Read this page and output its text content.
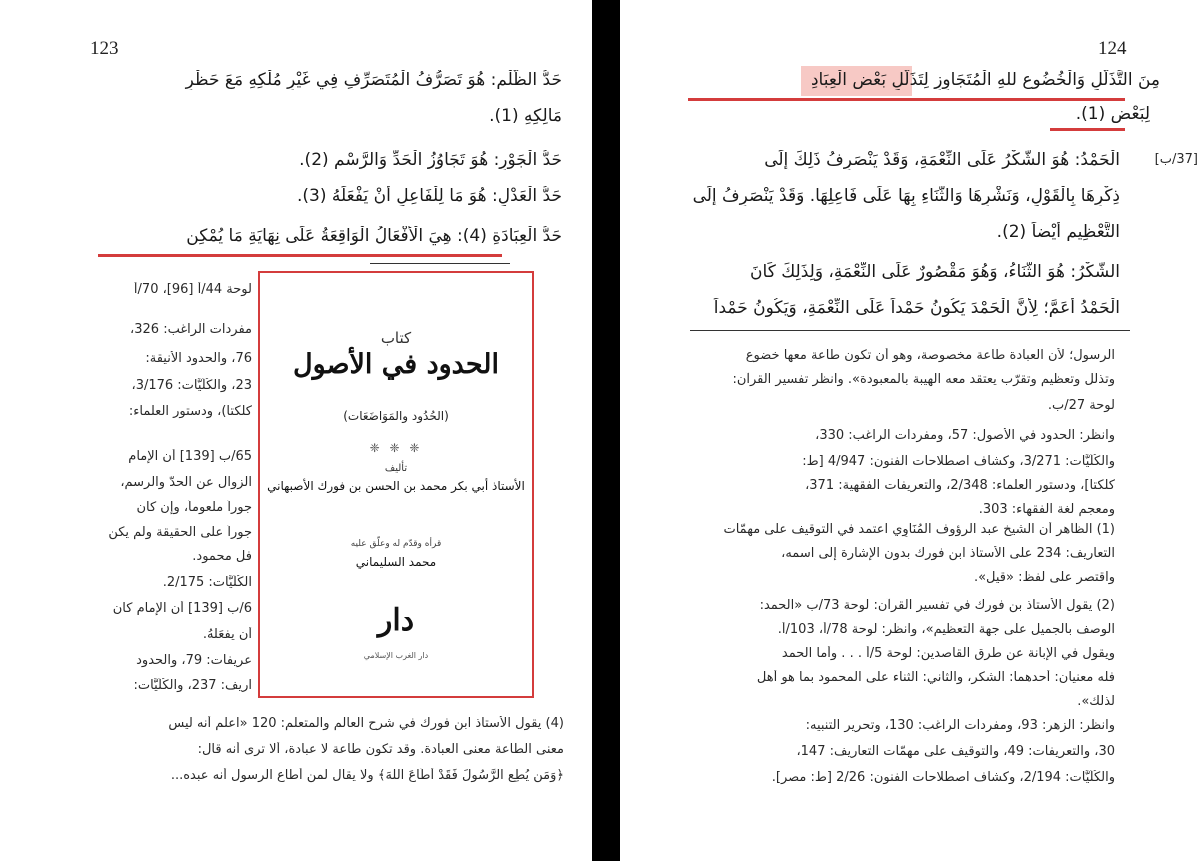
123
حَدُّ الظُّلْمِ: هُوَ تَصَرُّفُ الْمُتَصَرِّفِ فِي غَيْرِ مُلْكِهِ مَعَ حَظْرِ
مَالِكِهِ (1).
حَدُّ الْجَوْرِ: هُوَ تَجَاوُزُ الْحَدِّ وَالرَّسْمِ (2).
حَدُّ الْعَدْلِ: هُوَ مَا لِلْفَاعِلِ أَنْ يَفْعَلَهُ (3).
حَدُّ الْعِبَادَةِ (4): هِيَ الْأَفْعَالُ الْوَاقِعَةُ عَلَى نِهَايَةِ مَا يُمْكِن
لوحة 44/أ [96]، 70/أ
مفردات الراغب: 326،
76، والحدود الأنيقة:
23، والكُلِّيَّات: 3/176،
كلكتا)، ودستور العلماء:
65/ب [139] أن الإمام
الزوال عن الحدّ والرسم،
جوراً ملعوماً، وإن كان
جوراً على الحقيقة ولم يكن
فل محمود.
الكُلِّيَّات: 2/175.
6/ب [139] أن الإمام كان
أن يفعَلهُ.
عريفات: 79، والحدود
اريف: 237، والكُلِّيَّات:
(4) يقول الأستاذ ابن فورك في شرح العالم والمتعلم: 120 «اعلم أنه ليس
معنى الطاعة معنى العبادة. وقد تكون طاعة لا عبادة، ألا ترى أنه قال:
﴿وَمَن يُطِعِ الرَّسُولَ فَقَدْ أَطَاعَ اللَّهَ﴾ ولا يقال لمن أطاع الرسول أنه عبده...
كتاب
الحدود في الأصول
(الحُدُود والمَوَاضَعَات)
❈ ❈ ❈
تأليف
الأستاذ أبي بكر محمد بن الحسن بن فورك الأصبهاني
قرأه وقدّم له وعلّق عليه
محمد السليماني
دار
دار الغرب الإسلامي
124
مِنَ التَّذَلُّلِ وَالْخُضُوعِ للهِ الْمُتَجَاوِزِ لِتَذَلُّلِ بَعْضِ الْعِبَادِ
لِبَعْضٍ (1).
[37/ب]
الْحَمْدُ: هُوَ الشُّكْرُ عَلَى النِّعْمَةِ، وَقَدْ يَنْصَرِفُ ذَلِكَ إِلَى
ذِكْرِهَا بِالْقَوْلِ، وَنَشْرِهَا وَالثَّنَاءِ بِهَا عَلَى فَاعِلِهَا. وَقَدْ يَنْصَرِفُ إِلَى
التَّعْظِيمِ أَيْضاً (2).
الشُّكْرُ: هُوَ الثَّنَاءُ، وَهُوَ مَقْصُورٌ عَلَى النِّعْمَةِ، وَلِذَلِكَ كَانَ
الْحَمْدُ أَعَمَّ؛ لِأَنَّ الْحَمْدَ يَكُونُ حَمْداً عَلَى النِّعْمَةِ، وَيَكُونُ حَمْداً
الرسول؛ لأن العبادة طاعة مخصوصة، وهو أن تكون طاعة معها خضوع
وتذلل وتعظيم وتقرّب يعتقد معه الهيبة بالمعبودة». وانظر تفسير القرآن:
لوحة 27/ب.
وانظر: الحدود في الأصول: 57، ومفردات الراغب: 330،
والكُلِّيَّات: 3/271، وكشاف اصطلاحات الفنون: 4/947 [ط:
كلكتا]، ودستور العلماء: 2/348، والتعريفات الفقهية: 371،
ومعجم لغة الفقهاء: 303.
(1) الظاهر أن الشيخ عبد الرؤوف المُنَاوِي اعتمد في التوقيف على مهمّات
التعاريف: 234 على الأستاذ ابن فورك بدون الإشارة إلى اسمه،
واقتصر على لفظ: «قيل».
(2) يقول الأستاذ بن فورك في تفسير القرآن: لوحة 73/ب «الحمد:
الوصف بالجميل على جهة التعظيم»، وانظر: لوحة 78/أ، 103/أ.
ويقول في الإبانة عن طرق القاصدين: لوحة 5/أ . . . وأما الحمد
فله معنيان: أحدهما: الشكر، والثاني: الثناء على المحمود بما هو أهل
لذلك».
وانظر: الزهر: 93، ومفردات الراغب: 130، وتحرير التنبيه:
30، والتعريفات: 49، والتوقيف على مهمّات التعاريف: 147،
والكُلِّيَّات: 2/194، وكشاف اصطلاحات الفنون: 2/26 [ط: مصر].
